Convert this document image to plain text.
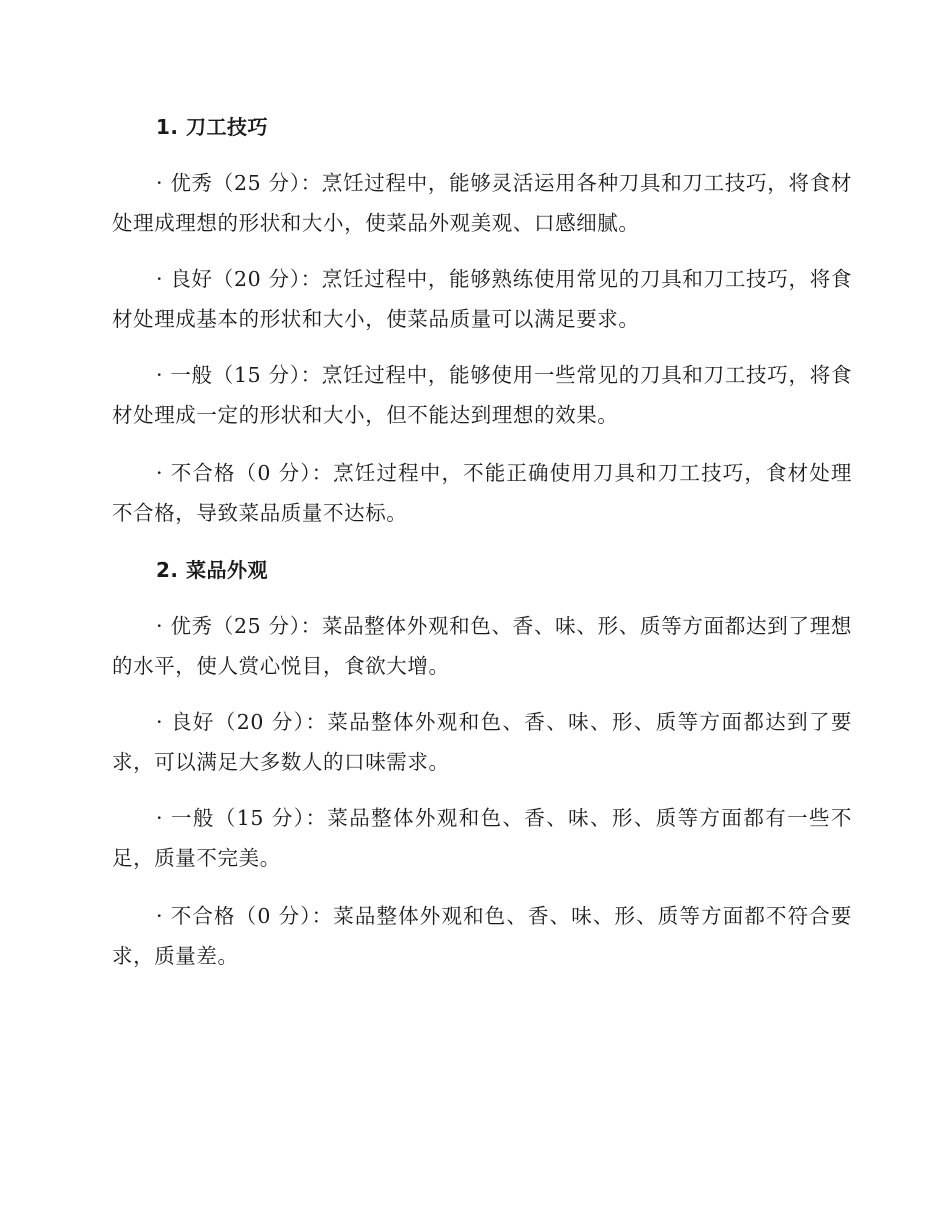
1. 刀工技巧

· 优秀（25 分）：烹饪过程中，能够灵活运用各种刀具和刀工技巧，将食材处理成理想的形状和大小，使菜品外观美观、口感细腻。

· 良好（20 分）：烹饪过程中，能够熟练使用常见的刀具和刀工技巧，将食材处理成基本的形状和大小，使菜品质量可以满足要求。

· 一般（15 分）：烹饪过程中，能够使用一些常见的刀具和刀工技巧，将食材处理成一定的形状和大小，但不能达到理想的效果。

· 不合格（0 分）：烹饪过程中，不能正确使用刀具和刀工技巧，食材处理不合格，导致菜品质量不达标。

2. 菜品外观

· 优秀（25 分）：菜品整体外观和色、香、味、形、质等方面都达到了理想的水平，使人赏心悦目，食欲大增。

· 良好（20 分）：菜品整体外观和色、香、味、形、质等方面都达到了要求，可以满足大多数人的口味需求。

· 一般（15 分）：菜品整体外观和色、香、味、形、质等方面都有一些不足，质量不完美。

· 不合格（0 分）：菜品整体外观和色、香、味、形、质等方面都不符合要求，质量差。
